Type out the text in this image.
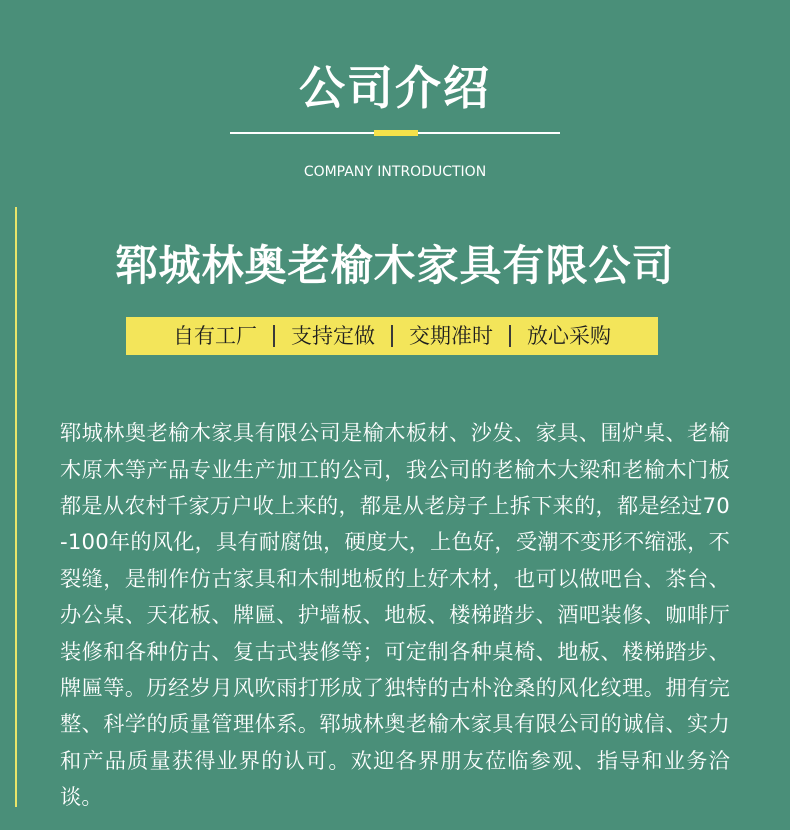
公司介绍
COMPANY INTRODUCTION
郓城林奥老榆木家具有限公司
自有工厂	支持定做	交期准时	放心采购

郓城林奥老榆木家具有限公司是榆木板材、沙发、家具、围炉桌、老榆木原木等产品专业生产加工的公司，我公司的老榆木大梁和老榆木门板都是从农村千家万户收上来的，都是从老房子上拆下来的，都是经过70-100年的风化，具有耐腐蚀，硬度大，上色好，受潮不变形不缩涨，不裂缝，是制作仿古家具和木制地板的上好木材，也可以做吧台、茶台、办公桌、天花板、牌匾、护墙板、地板、楼梯踏步、酒吧装修、咖啡厅装修和各种仿古、复古式装修等；可定制各种桌椅、地板、楼梯踏步、牌匾等。历经岁月风吹雨打形成了独特的古朴沧桑的风化纹理。拥有完整、科学的质量管理体系。郓城林奥老榆木家具有限公司的诚信、实力和产品质量获得业界的认可。欢迎各界朋友莅临参观、指导和业务洽谈。
